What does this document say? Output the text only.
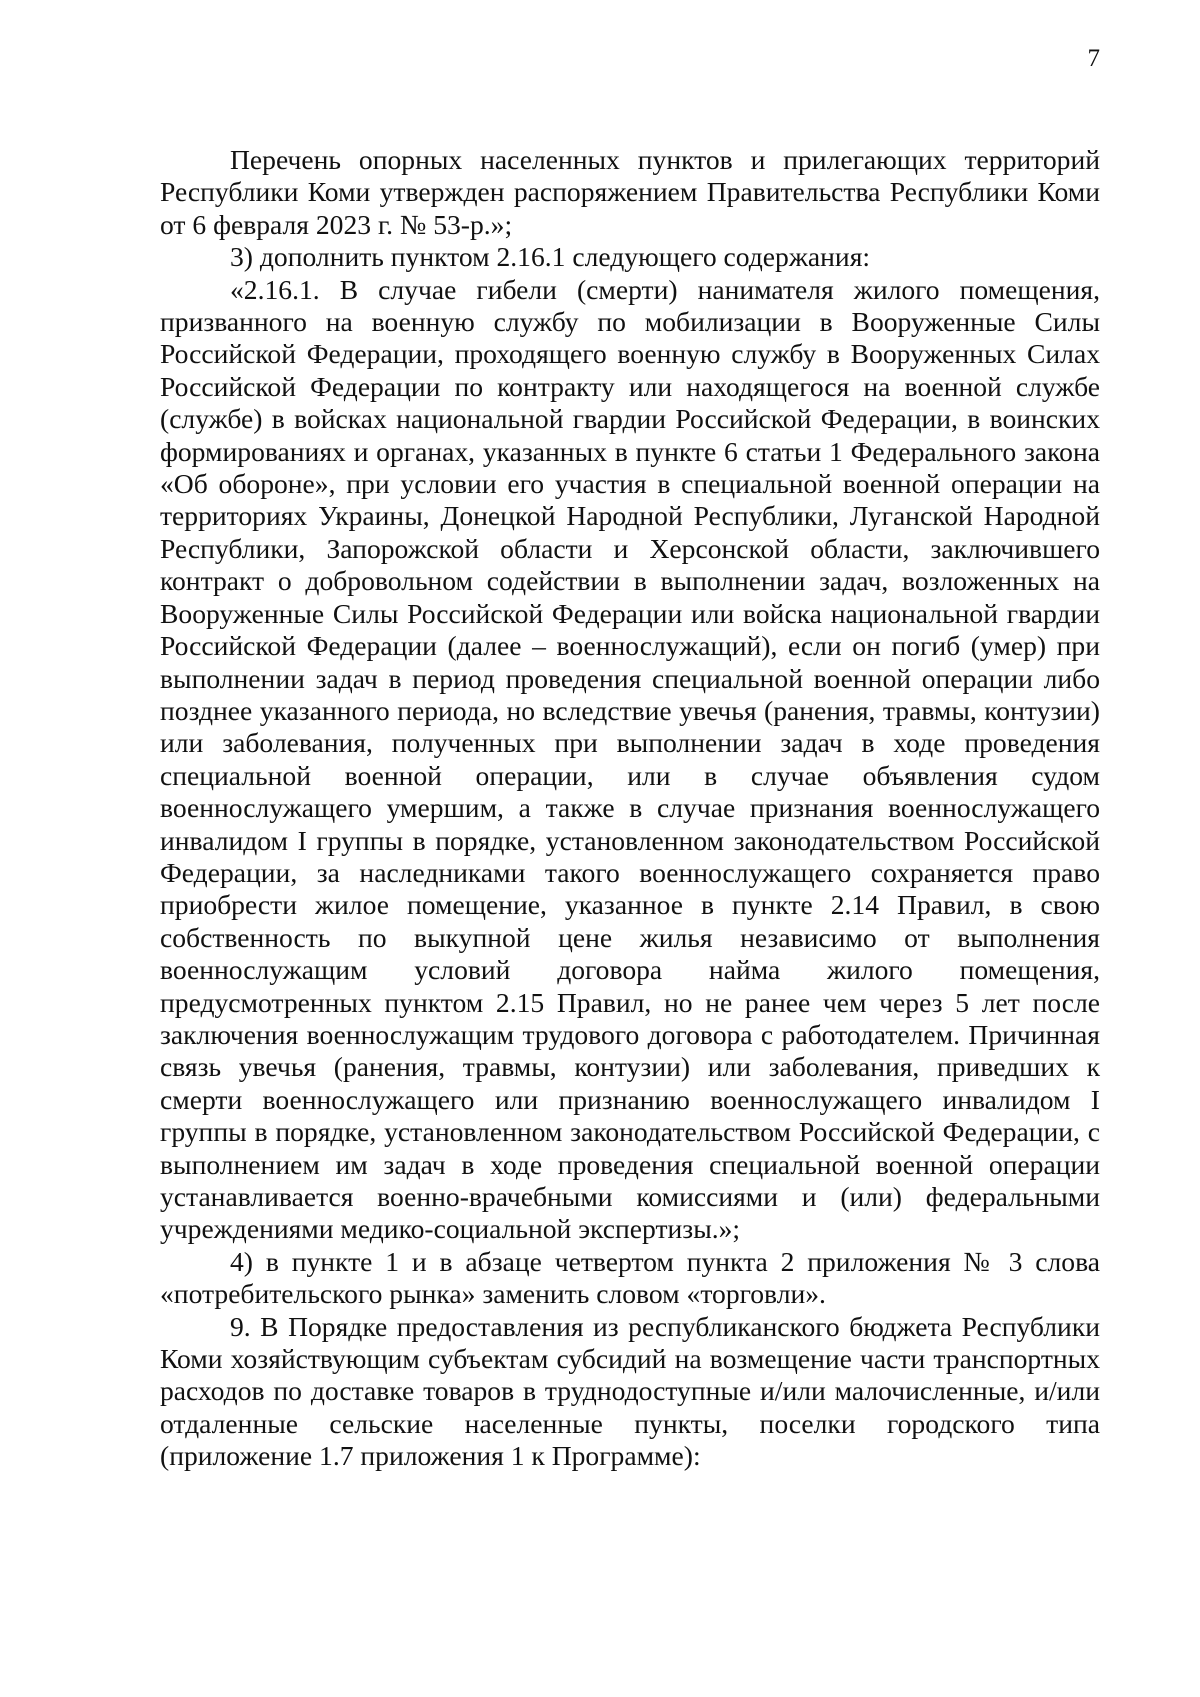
7

Перечень опорных населенных пунктов и прилегающих территорий Республики Коми утвержден распоряжением Правительства Республики Коми от 6 февраля 2023 г. № 53-р.»;

3) дополнить пунктом 2.16.1 следующего содержания:

«2.16.1. В случае гибели (смерти) нанимателя жилого помещения, призванного на военную службу по мобилизации в Вооруженные Силы Российской Федерации, проходящего военную службу в Вооруженных Силах Российской Федерации по контракту или находящегося на военной службе (службе) в войсках национальной гвардии Российской Федерации, в воинских формированиях и органах, указанных в пункте 6 статьи 1 Федерального закона «Об обороне», при условии его участия в специальной военной операции на территориях Украины, Донецкой Народной Республики, Луганской Народной Республики, Запорожской области и Херсонской области, заключившего контракт о добровольном содействии в выполнении задач, возложенных на Вооруженные Силы Российской Федерации или войска национальной гвардии Российской Федерации (далее – военнослужащий), если он погиб (умер) при выполнении задач в период проведения специальной военной операции либо позднее указанного периода, но вследствие увечья (ранения, травмы, контузии) или заболевания, полученных при выполнении задач в ходе проведения специальной военной операции, или в случае объявления судом военнослужащего умершим, а также в случае признания военнослужащего инвалидом I группы в порядке, установленном законодательством Российской Федерации, за наследниками такого военнослужащего сохраняется право приобрести жилое помещение, указанное в пункте 2.14 Правил, в свою собственность по выкупной цене жилья независимо от выполнения военнослужащим условий договора найма жилого помещения, предусмотренных пунктом 2.15 Правил, но не ранее чем через 5 лет после заключения военнослужащим трудового договора с работодателем. Причинная связь увечья (ранения, травмы, контузии) или заболевания, приведших к смерти военнослужащего или признанию военнослужащего инвалидом I группы в порядке, установленном законодательством Российской Федерации, с выполнением им задач в ходе проведения специальной военной операции устанавливается военно-врачебными комиссиями и (или) федеральными учреждениями медико-социальной экспертизы.»;

4) в пункте 1 и в абзаце четвертом пункта 2 приложения № 3 слова «потребительского рынка» заменить словом «торговли».

9. В Порядке предоставления из республиканского бюджета Республики Коми хозяйствующим субъектам субсидий на возмещение части транспортных расходов по доставке товаров в труднодоступные и/или малочисленные, и/или отдаленные сельские населенные пункты, поселки городского типа (приложение 1.7 приложения 1 к Программе):
